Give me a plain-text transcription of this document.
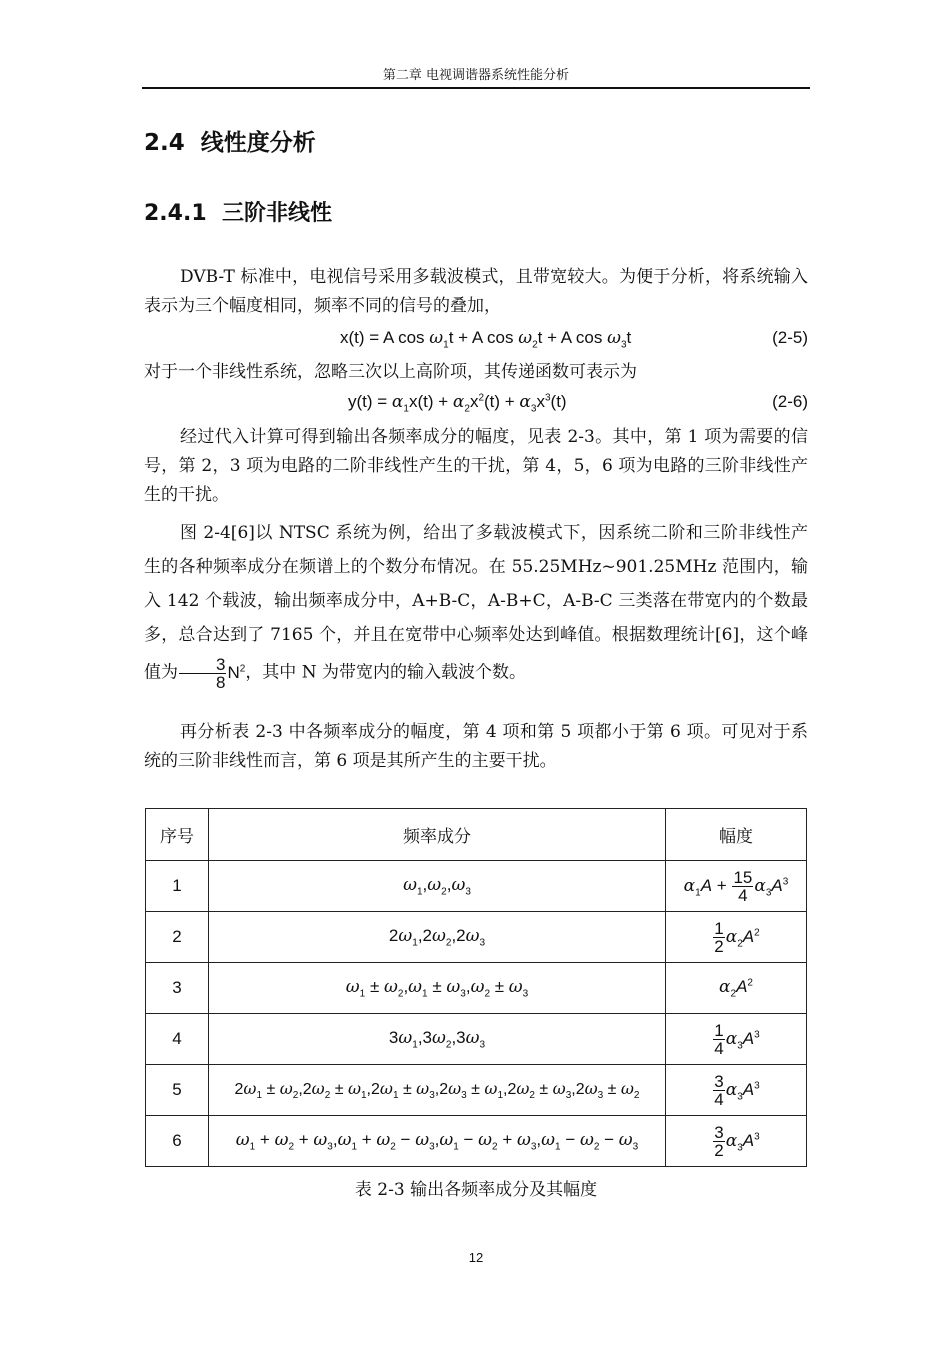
第二章 电视调谐器系统性能分析
2.4 线性度分析
2.4.1 三阶非线性
DVB-T 标准中，电视信号采用多载波模式，且带宽较大。为便于分析，将系统输入表示为三个幅度相同，频率不同的信号的叠加，
x(t) = A $\cos \omega_1t + A$ $\cos \omega_2t + A$ $\cos \omega_3t$	(2-5)
对于一个非线性系统，忽略三次以上高阶项，其传递函数可表示为
$y(t) = \alpha_1x(t) + \alpha_2x^2(t) + \alpha_3x^3(t)$	(2-6)
经过代入计算可得到输出各频率成分的幅度，见表 2-3。其中，第 1 项为需要的信号，第 2，3 项为电路的二阶非线性产生的干扰，第 4，5，6 项为电路的三阶非线性产生的干扰。
图 2-4[6]以 NTSC 系统为例，给出了多载波模式下，因系统二阶和三阶非线性产生的各种频率成分在频谱上的个数分布情况。在 55.25MHz~901.25MHz 范围内，输入 142 个载波，输出频率成分中，A+B-C，A-B+C，A-B-C 三类落在带宽内的个数最多，总合达到了 7165 个，并且在宽带中心频率处达到峰值。根据数理统计[6]，这个峰值为 $\frac{3}{8} N^2$，其中 N 为带宽内的输入载波个数。
再分析表 2-3 中各频率成分的幅度，第 4 项和第 5 项都小于第 6 项。可见对于系统的三阶非线性而言，第 6 项是其所产生的主要干扰。
序号	频率成分	幅度
1	$\omega_1,\omega_2,\omega_3$	$\alpha_1A + \frac{15}{4} \alpha_3A^3$
2	$2\omega_1,2\omega_2,2\omega_3$	$\frac{1}{2} \alpha_2A^2$
3	$\omega_1 \pm \omega_2,\omega_1 \pm \omega_3,\omega_2 \pm \omega_3$	$\alpha_2A^2$
4	$3\omega_1,3\omega_2,3\omega_3$	$\frac{1}{4} \alpha_3A^3$
5	$2\omega_1 \pm \omega_2,2\omega_2 \pm \omega_1,2\omega_1 \pm \omega_3,2\omega_3 \pm \omega_1,2\omega_2 \pm \omega_3,2\omega_3 \pm \omega_2$	$\frac{3}{4} \alpha_3A^3$
6	$\omega_1 + \omega_2 + \omega_3,\omega_1 + \omega_2 - \omega_3,\omega_1 - \omega_2 + \omega_3,\omega_1 - \omega_2 - \omega_3$	$\frac{3}{2} \alpha_3A^3$
表 2-3 输出各频率成分及其幅度
12
